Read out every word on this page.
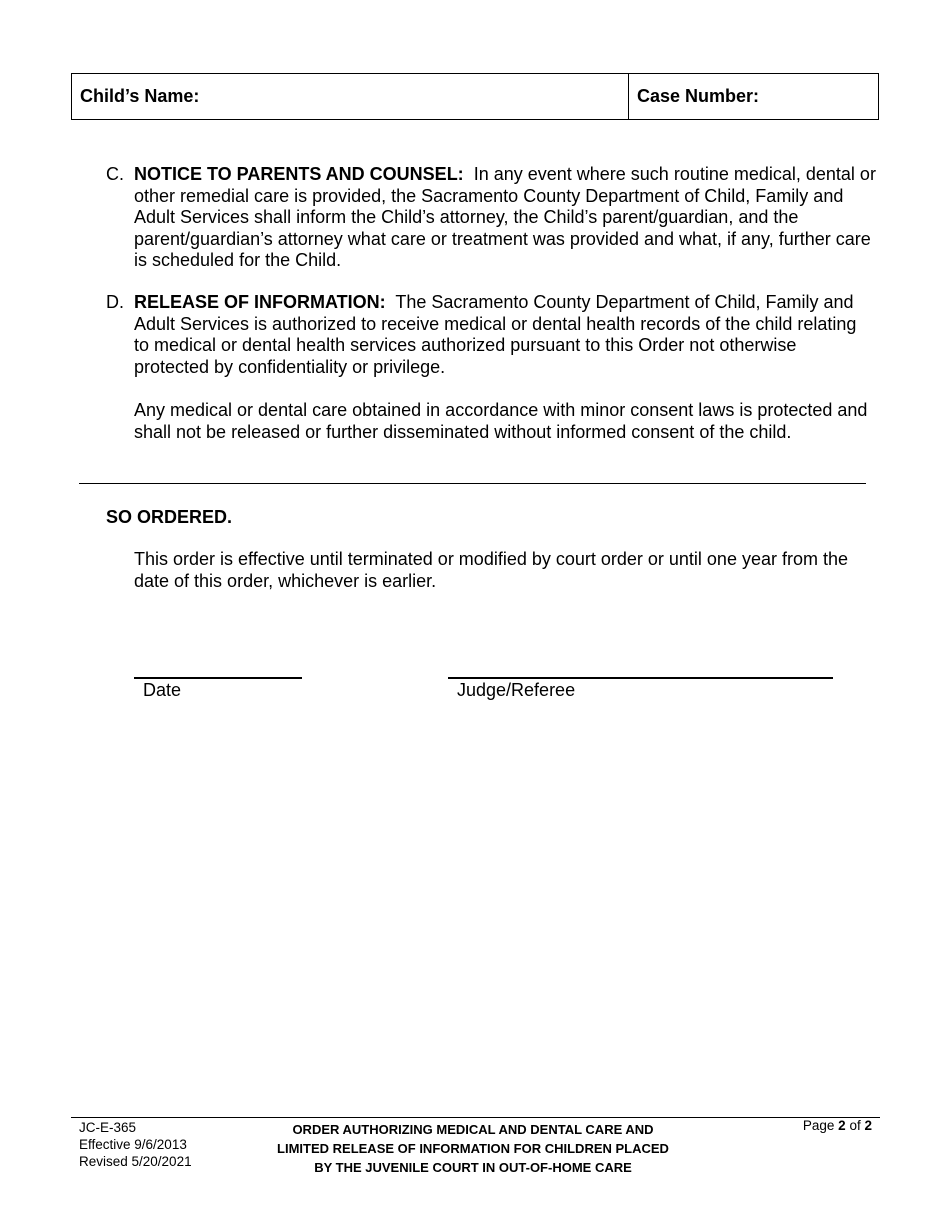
Child’s Name:	Case Number:
C. NOTICE TO PARENTS AND COUNSEL: In any event where such routine medical, dental or other remedial care is provided, the Sacramento County Department of Child, Family and Adult Services shall inform the Child’s attorney, the Child’s parent/guardian, and the parent/guardian’s attorney what care or treatment was provided and what, if any, further care is scheduled for the Child.
D. RELEASE OF INFORMATION: The Sacramento County Department of Child, Family and Adult Services is authorized to receive medical or dental health records of the child relating to medical or dental health services authorized pursuant to this Order not otherwise protected by confidentiality or privilege.
Any medical or dental care obtained in accordance with minor consent laws is protected and shall not be released or further disseminated without informed consent of the child.
SO ORDERED.
This order is effective until terminated or modified by court order or until one year from the date of this order, whichever is earlier.
Date	Judge/Referee
JC-E-365
Effective 9/6/2013
Revised 5/20/2021
ORDER AUTHORIZING MEDICAL AND DENTAL CARE AND
LIMITED RELEASE OF INFORMATION FOR CHILDREN PLACED
BY THE JUVENILE COURT IN OUT-OF-HOME CARE
Page 2 of 2
